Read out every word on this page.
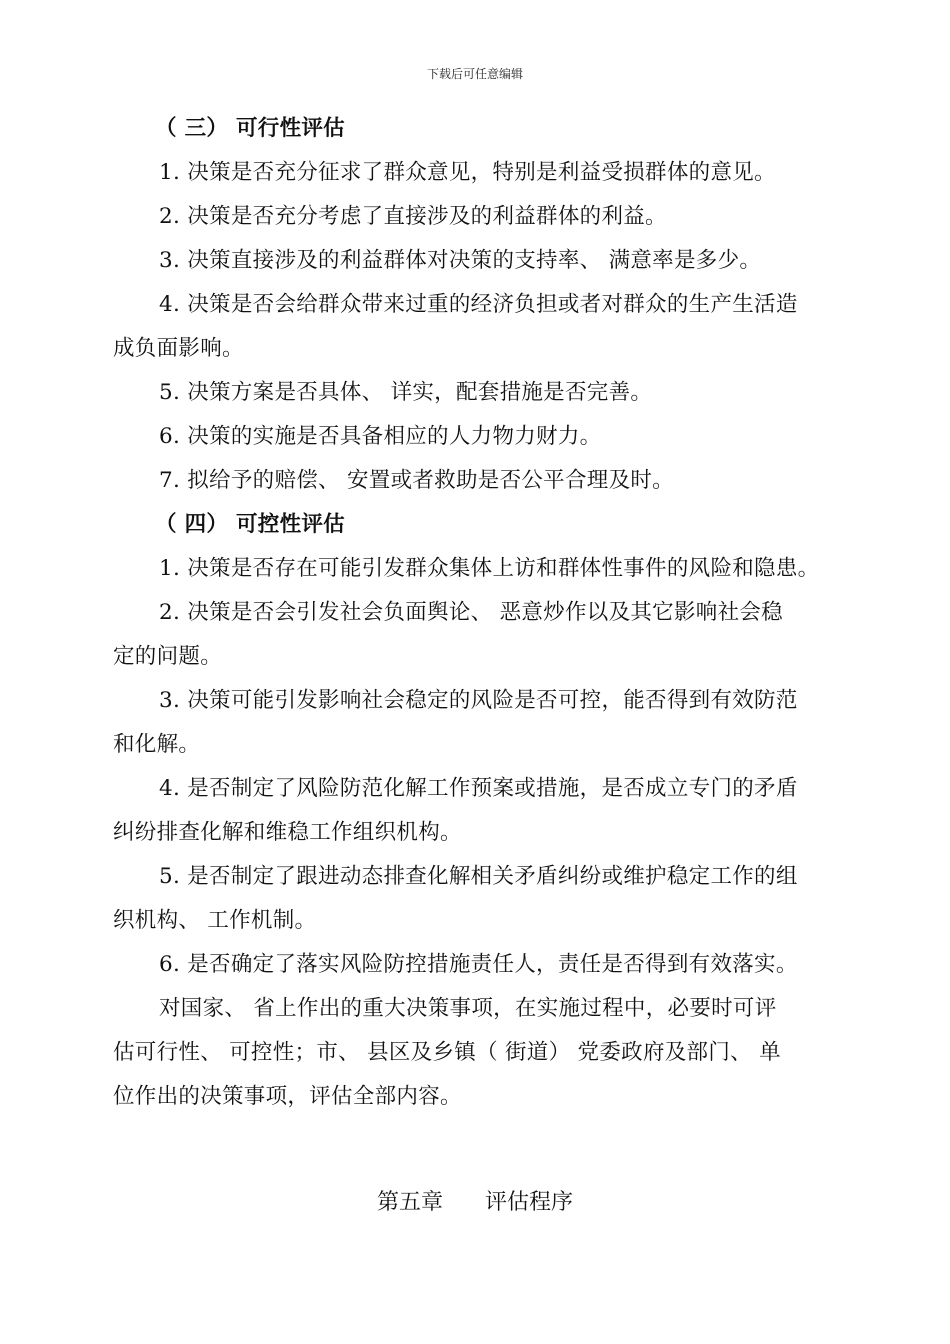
下载后可任意编辑
（ 三） 可行性评估
1. 决策是否充分征求了群众意见，特别是利益受损群体的意见。
2. 决策是否充分考虑了直接涉及的利益群体的利益。
3. 决策直接涉及的利益群体对决策的支持率、 满意率是多少。
4. 决策是否会给群众带来过重的经济负担或者对群众的生产生活造
成负面影响。
5. 决策方案是否具体、 详实，配套措施是否完善。
6. 决策的实施是否具备相应的人力物力财力。
7. 拟给予的赔偿、 安置或者救助是否公平合理及时。
（ 四） 可控性评估
1. 决策是否存在可能引发群众集体上访和群体性事件的风险和隐患。
2. 决策是否会引发社会负面舆论、 恶意炒作以及其它影响社会稳
定的问题。
3. 决策可能引发影响社会稳定的风险是否可控，能否得到有效防范
和化解。
4. 是否制定了风险防范化解工作预案或措施，是否成立专门的矛盾
纠纷排查化解和维稳工作组织机构。
5. 是否制定了跟进动态排查化解相关矛盾纠纷或维护稳定工作的组
织机构、 工作机制。
6. 是否确定了落实风险防控措施责任人，责任是否得到有效落实。
对国家、 省上作出的重大决策事项，在实施过程中，必要时可评
估可行性、 可控性；市、 县区及乡镇（ 街道） 党委政府及部门、 单
位作出的决策事项，评估全部内容。
第五章      评估程序
